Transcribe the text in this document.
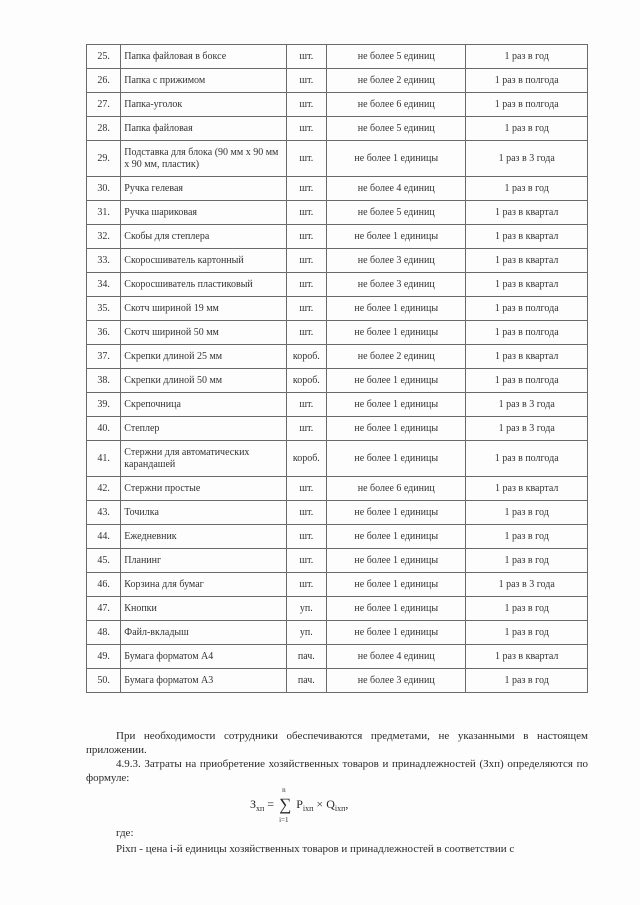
25.	Папка файловая в боксе	шт.	не более 5 единиц	1 раз в год
26.	Папка с прижимом	шт.	не более 2 единиц	1 раз в полгода
27.	Папка-уголок	шт.	не более 6 единиц	1 раз в полгода
28.	Папка файловая	шт.	не более 5 единиц	1 раз в год
29.	Подставка для блока (90 мм x 90 мм x 90 мм, пластик)	шт.	не более 1 единицы	1 раз в 3 года
30.	Ручка гелевая	шт.	не более 4 единиц	1 раз в год
31.	Ручка шариковая	шт.	не более 5 единиц	1 раз в квартал
32.	Скобы для степлера	шт.	не более 1 единицы	1 раз в квартал
33.	Скоросшиватель картонный	шт.	не более 3 единиц	1 раз в квартал
34.	Скоросшиватель пластиковый	шт.	не более 3 единиц	1 раз в квартал
35.	Скотч шириной 19 мм	шт.	не более 1 единицы	1 раз в полгода
36.	Скотч шириной 50 мм	шт.	не более 1 единицы	1 раз в полгода
37.	Скрепки длиной 25 мм	короб.	не более 2 единиц	1 раз в квартал
38.	Скрепки длиной 50 мм	короб.	не более 1 единицы	1 раз в полгода
39.	Скрепочница	шт.	не более 1 единицы	1 раз в 3 года
40.	Степлер	шт.	не более 1 единицы	1 раз в 3 года
41.	Стержни для автоматических карандашей	короб.	не более 1 единицы	1 раз в полгода
42.	Стержни простые	шт.	не более 6 единиц	1 раз в квартал
43.	Точилка	шт.	не более 1 единицы	1 раз в год
44.	Ежедневник	шт.	не более 1 единицы	1 раз в год
45.	Планинг	шт.	не более 1 единицы	1 раз в год
46.	Корзина для бумаг	шт.	не более 1 единицы	1 раз в 3 года
47.	Кнопки	уп.	не более 1 единицы	1 раз в год
48.	Файл-вкладыш	уп.	не более 1 единицы	1 раз в год
49.	Бумага форматом А4	пач.	не более 4 единиц	1 раз в квартал
50.	Бумага форматом А3	пач.	не более 3 единиц	1 раз в год
При необходимости сотрудники обеспечиваются предметами, не указанными в настоящем приложении.
4.9.3. Затраты на приобретение хозяйственных товаров и принадлежностей (Зхп) определяются по формуле:
$З_{хп}$ = ∑
n
i=1
$P_{iхп} \times Q_{iхп}$,
где:
Piхп - цена i-й единицы хозяйственных товаров и принадлежностей в соответствии с
